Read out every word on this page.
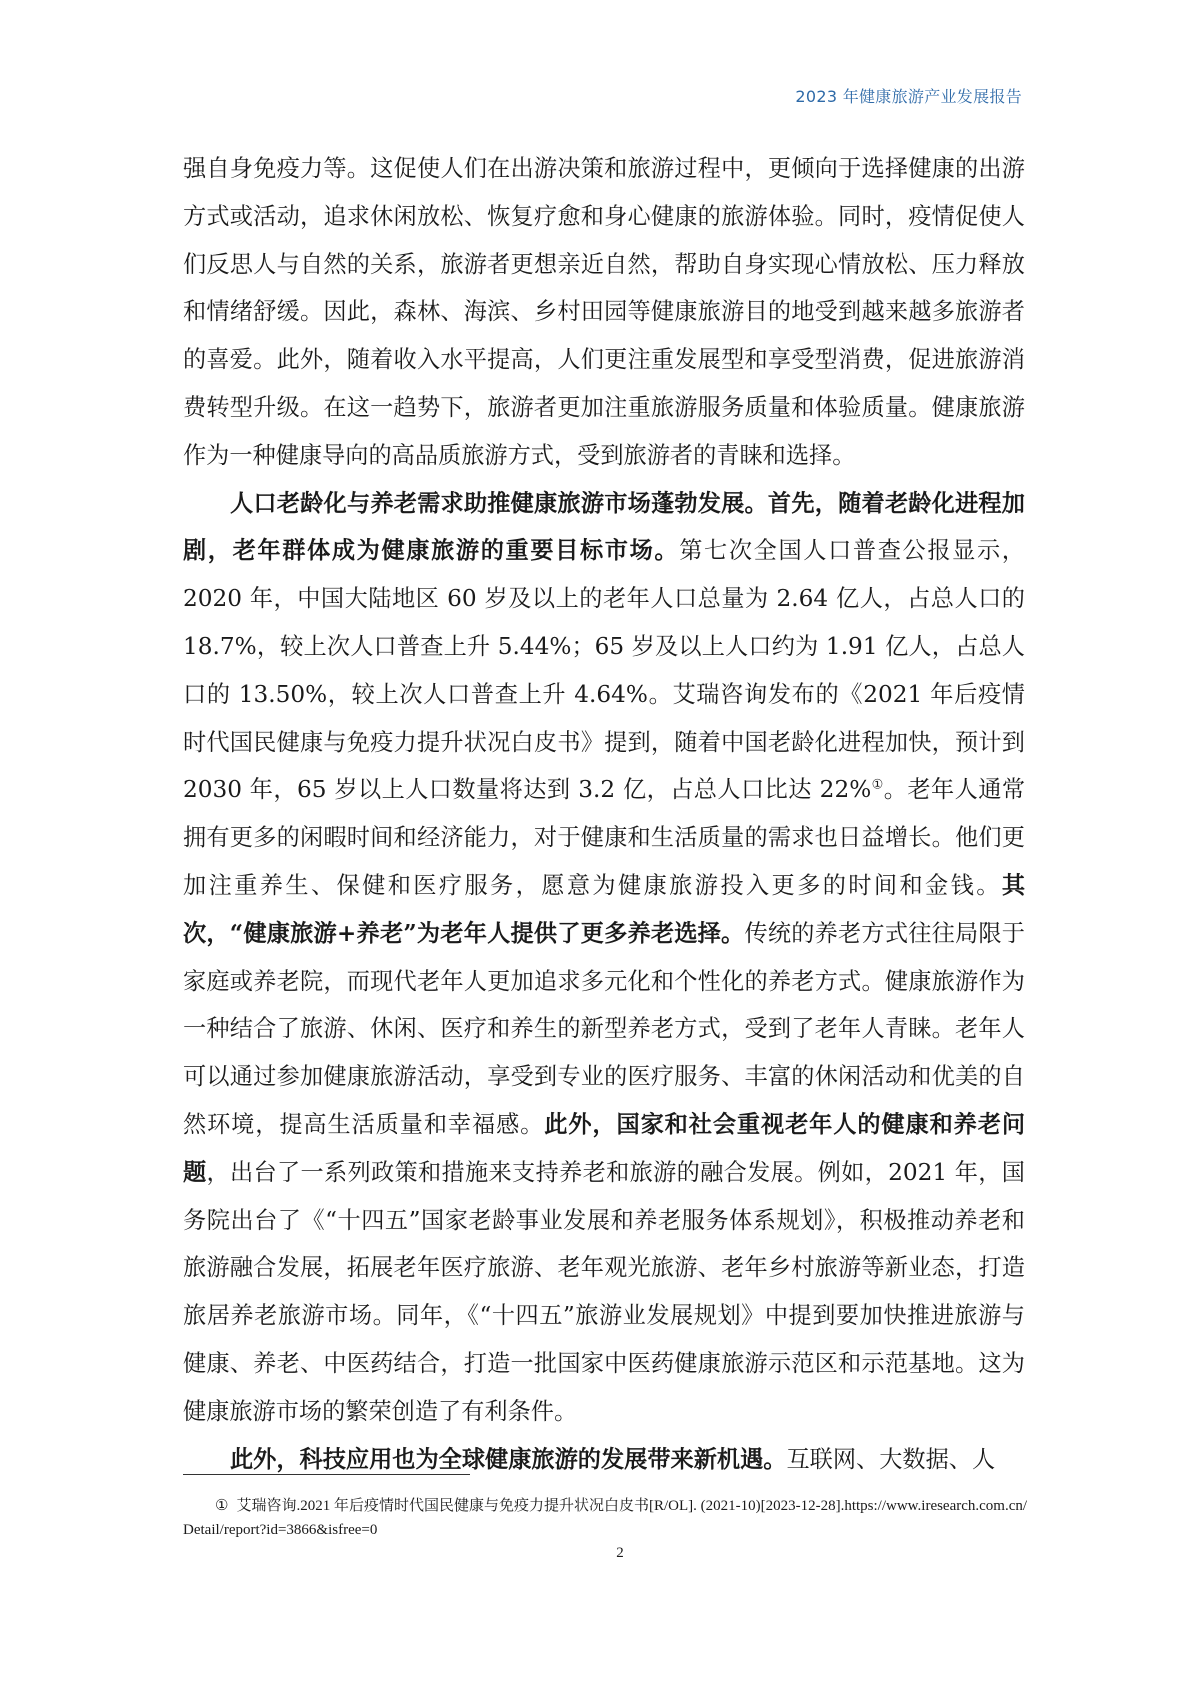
2023 年健康旅游产业发展报告

强自身免疫力等。这促使人们在出游决策和旅游过程中，更倾向于选择健康的出游方式或活动，追求休闲放松、恢复疗愈和身心健康的旅游体验。同时，疫情促使人们反思人与自然的关系，旅游者更想亲近自然，帮助自身实现心情放松、压力释放和情绪舒缓。因此，森林、海滨、乡村田园等健康旅游目的地受到越来越多旅游者的喜爱。此外，随着收入水平提高，人们更注重发展型和享受型消费，促进旅游消费转型升级。在这一趋势下，旅游者更加注重旅游服务质量和体验质量。健康旅游作为一种健康导向的高品质旅游方式，受到旅游者的青睐和选择。

人口老龄化与养老需求助推健康旅游市场蓬勃发展。首先，随着老龄化进程加剧，老年群体成为健康旅游的重要目标市场。第七次全国人口普查公报显示，2020 年，中国大陆地区 60 岁及以上的老年人口总量为 2.64 亿人，占总人口的 18.7%，较上次人口普查上升 5.44%；65 岁及以上人口约为 1.91 亿人，占总人口的 13.50%，较上次人口普查上升 4.64%。艾瑞咨询发布的《2021 年后疫情时代国民健康与免疫力提升状况白皮书》提到，随着中国老龄化进程加快，预计到 2030 年，65 岁以上人口数量将达到 3.2 亿，占总人口比达 22%①。老年人通常拥有更多的闲暇时间和经济能力，对于健康和生活质量的需求也日益增长。他们更加注重养生、保健和医疗服务，愿意为健康旅游投入更多的时间和金钱。其次，“健康旅游+养老”为老年人提供了更多养老选择。传统的养老方式往往局限于家庭或养老院，而现代老年人更加追求多元化和个性化的养老方式。健康旅游作为一种结合了旅游、休闲、医疗和养生的新型养老方式，受到了老年人青睐。老年人可以通过参加健康旅游活动，享受到专业的医疗服务、丰富的休闲活动和优美的自然环境，提高生活质量和幸福感。此外，国家和社会重视老年人的健康和养老问题，出台了一系列政策和措施来支持养老和旅游的融合发展。例如，2021 年，国务院出台了《“十四五”国家老龄事业发展和养老服务体系规划》，积极推动养老和旅游融合发展，拓展老年医疗旅游、老年观光旅游、老年乡村旅游等新业态，打造旅居养老旅游市场。同年，《“十四五”旅游业发展规划》中提到要加快推进旅游与健康、养老、中医药结合，打造一批国家中医药健康旅游示范区和示范基地。这为健康旅游市场的繁荣创造了有利条件。

此外，科技应用也为全球健康旅游的发展带来新机遇。互联网、大数据、人

① 艾瑞咨询.2021 年后疫情时代国民健康与免疫力提升状况白皮书[R/OL]. (2021-10)[2023-12-28].https://www.iresearch.com.cn/Detail/report?id=3866&isfree=0
2
